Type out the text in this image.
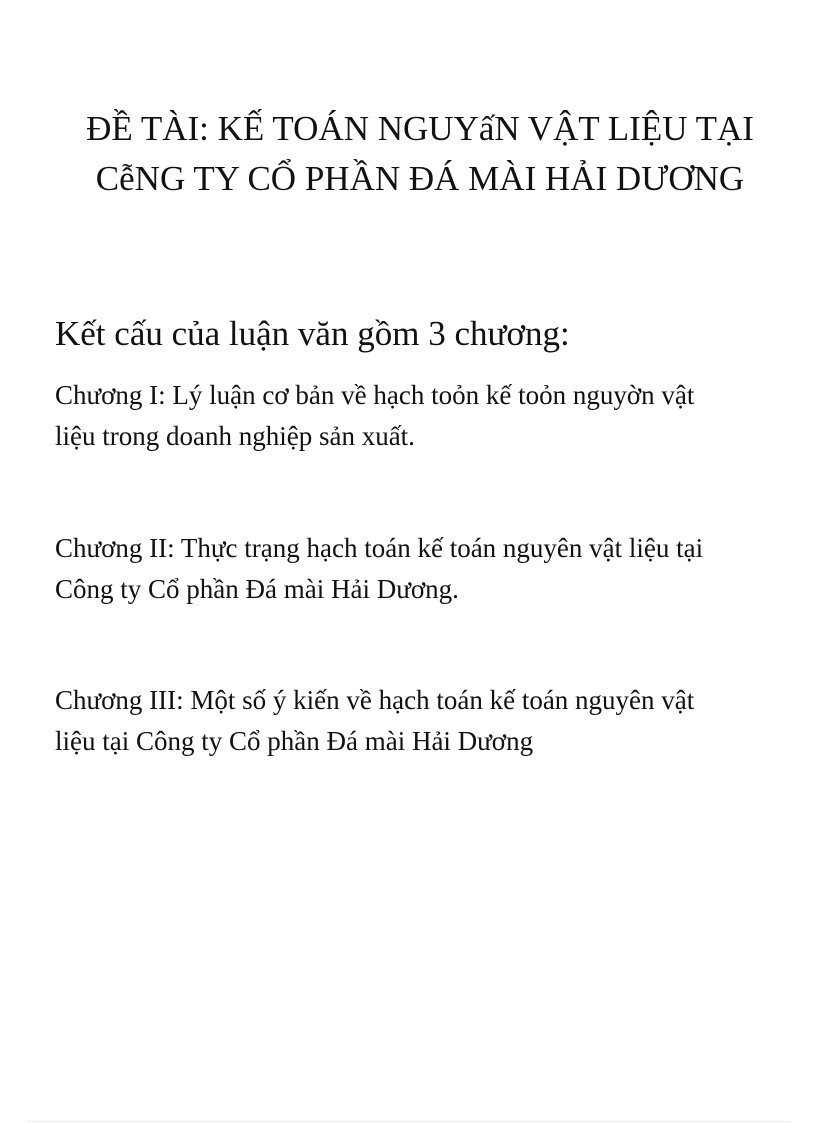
ĐỀ TÀI: KẾ TOÁN NGUYấN VẬT LIỆU TẠI
CễNG TY CỔ PHẦN ĐÁ MÀI HẢI DƯƠNG
Kết cấu của luận văn gồm 3 chương:
Chương I: Lý luận cơ bản về hạch toỏn kế toỏn nguyờn vật
liệu trong doanh nghiệp sản xuất.
Chương II: Thực trạng hạch toán kế toán nguyên vật liệu tại
Công ty Cổ phần Đá mài Hải Dương.
Chương III: Một số ý kiến về hạch toán kế toán nguyên vật
liệu tại Công ty Cổ phần Đá mài Hải Dương
